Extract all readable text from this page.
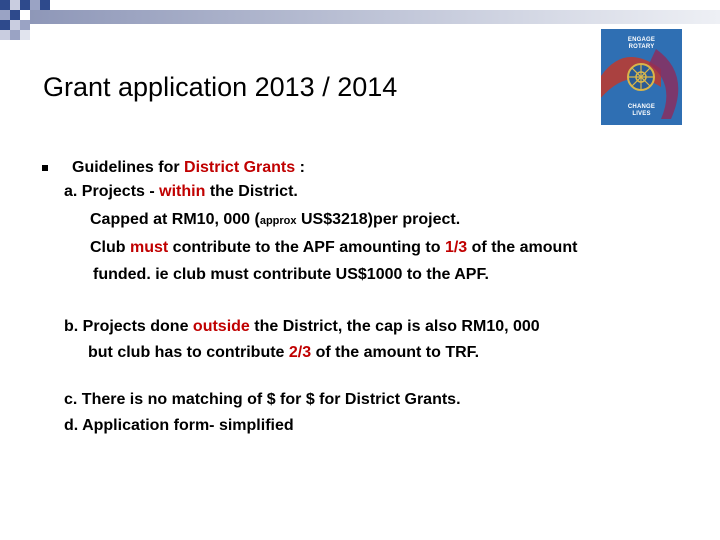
ENGAGE
ROTARY
CHANGE
LIVES
Grant application 2013 / 2014
Guidelines for District Grants :
a. Projects - within the District.
Capped at RM10, 000 (approx US$3218)per project.
Club must contribute to the APF amounting to 1/3 of the amount
funded. ie club must contribute US$1000 to the APF.
b. Projects done outside the District, the cap is also RM10, 000
but club has to contribute 2/3 of the amount to TRF.
c. There is no matching of $ for $ for District Grants.
d. Application form- simplified
